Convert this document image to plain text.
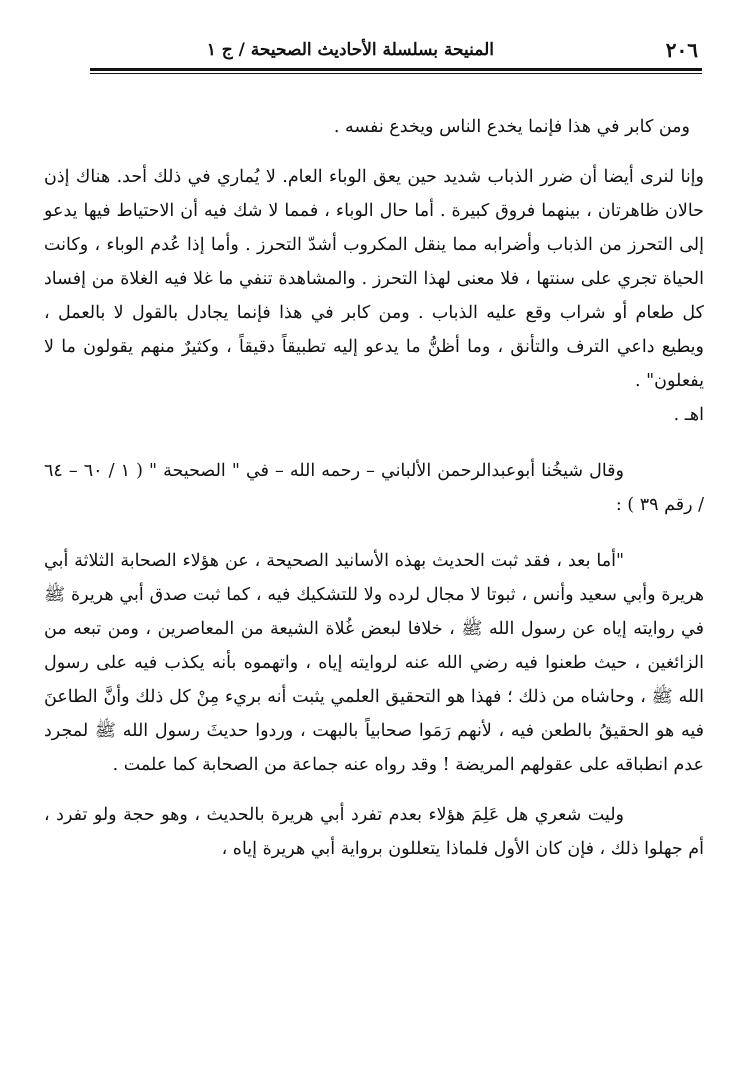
٢٠٦
المنيحة بسلسلة الأحاديث الصحيحة / ج ١

ومن كابر في هذا فإنما يخدع الناس ويخدع نفسه .

وإنا لنرى أيضا أن ضرر الذباب شديد حين يعق الوباء العام. لا يُماري في ذلك أحد. هناك إذن حالان ظاهرتان ، بينهما فروق كبيرة . أما حال الوباء ، فمما لا شك فيه أن الاحتياط فيها يدعو إلى التحرز من الذباب وأضرابه مما ينقل المكروب أشدّ التحرز . وأما إذا عُدم الوباء ، وكانت الحياة تجري على سنتها ، فلا معنى لهذا التحرز . والمشاهدة تنفي ما غلا فيه الغلاة من إفساد كل طعام أو شراب وقع عليه الذباب . ومن كابر في هذا فإنما يجادل بالقول لا بالعمل ، ويطيع داعي الترف والتأنق ، وما أظنُّ ما يدعو إليه تطبيقاً دقيقاً ، وكثيرٌ منهم يقولون ما لا يفعلون" .

اهـ .

وقال شيخُنا أبوعبدالرحمن الألباني – رحمه الله – في " الصحيحة " ( ١ / ٦٠ – ٦٤ / رقم ٣٩ ) :

"أما بعد ، فقد ثبت الحديث بهذه الأسانيد الصحيحة ، عن هؤلاء الصحابة الثلاثة أبي هريرة وأبي سعيد وأنس ، ثبوتا لا مجال لرده ولا للتشكيك فيه ، كما ثبت صدق أبي هريرة ﷺ في روايته إياه عن رسول الله ﷺ ، خلافا لبعض غُلاة الشيعة من المعاصرين ، ومن تبعه من الزائغين ، حيث طعنوا فيه رضي الله عنه لروايته إياه ، واتهموه بأنه يكذب فيه على رسول الله ﷺ ، وحاشاه من ذلك ؛ فهذا هو التحقيق العلمي يثبت أنه بريء مِنْ كل ذلك وأنَّ الطاعنَ فيه هو الحقيقُ بالطعن فيه ، لأنهم رَمَوا صحابياً بالبهت ، وردوا حديثَ رسول الله ﷺ لمجرد عدم انطباقه على عقولهم المريضة ! وقد رواه عنه جماعة من الصحابة كما علمت .

وليت شعري هل عَلِمَ هؤلاء بعدم تفرد أبي هريرة بالحديث ، وهو حجة ولو تفرد ، أم جهلوا ذلك ، فإن كان الأول فلماذا يتعللون برواية أبي هريرة إياه ،
